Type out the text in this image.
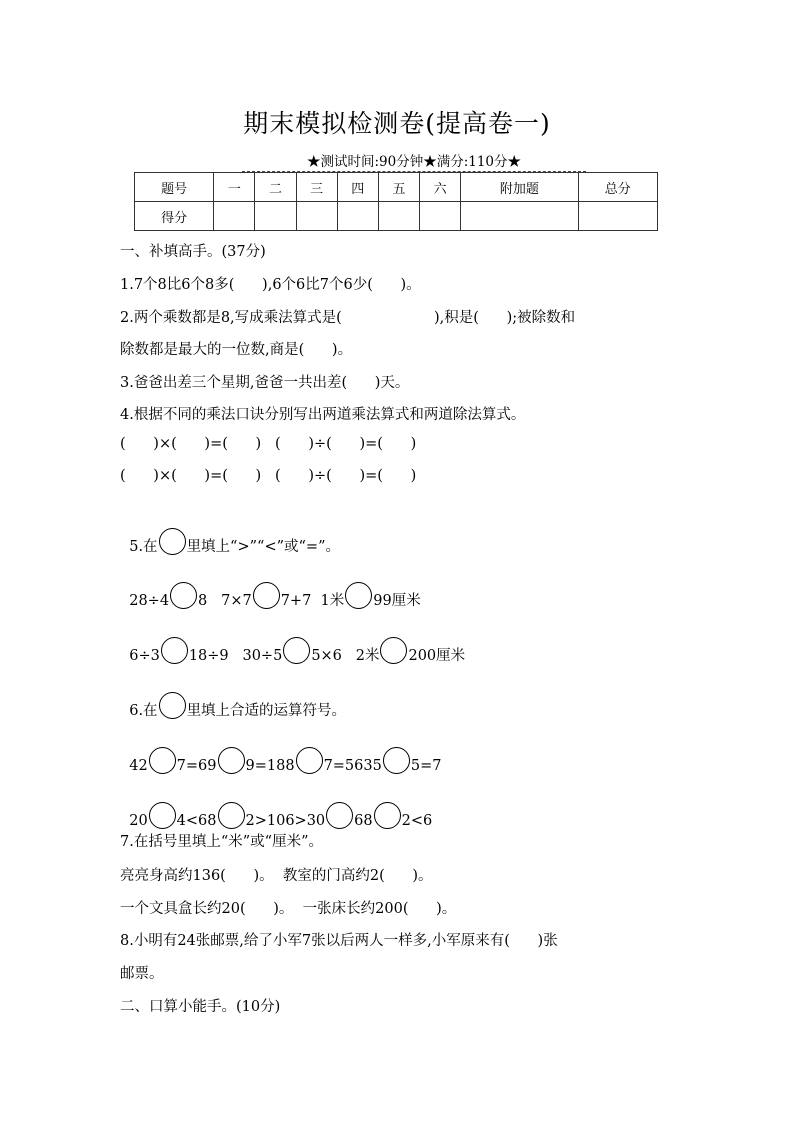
期末模拟检测卷(提高卷一)
★测试时间:90分钟★满分:110分★
题号	一	二	三	四	五	六	附加题	总分
得分								
一、补填高手。(37分)
1.7个8比6个8多(      ),6个6比7个6少(      )。
2.两个乘数都是8,写成乘法算式是(                    ),积是(      );被除数和
除数都是最大的一位数,商是(      )。
3.爸爸出差三个星期,爸爸一共出差(      )天。
4.根据不同的乘法口诀分别写出两道乘法算式和两道除法算式。
(      )×(      )=(      )   (      )÷(      )=(      )
(      )×(      )=(      )   (      )÷(      )=(      )

5.在 里填上“>”“<”或“=”。

28÷4 8   7×7 7+7  1米 99厘米

6÷3 18÷9   30÷5 5×6   2米 200厘米

6.在 里填上合适的运算符号。

42 7=69 9=188 7=5635 5=7

20 4<68 2>106>30 68 2<6

7.在括号里填上“米”或“厘米”。
亮亮身高约136(      )。  教室的门高约2(      )。
一个文具盒长约20(      )。  一张床长约200(      )。
8.小明有24张邮票,给了小军7张以后两人一样多,小军原来有(      )张
邮票。
二、口算小能手。(10分)
